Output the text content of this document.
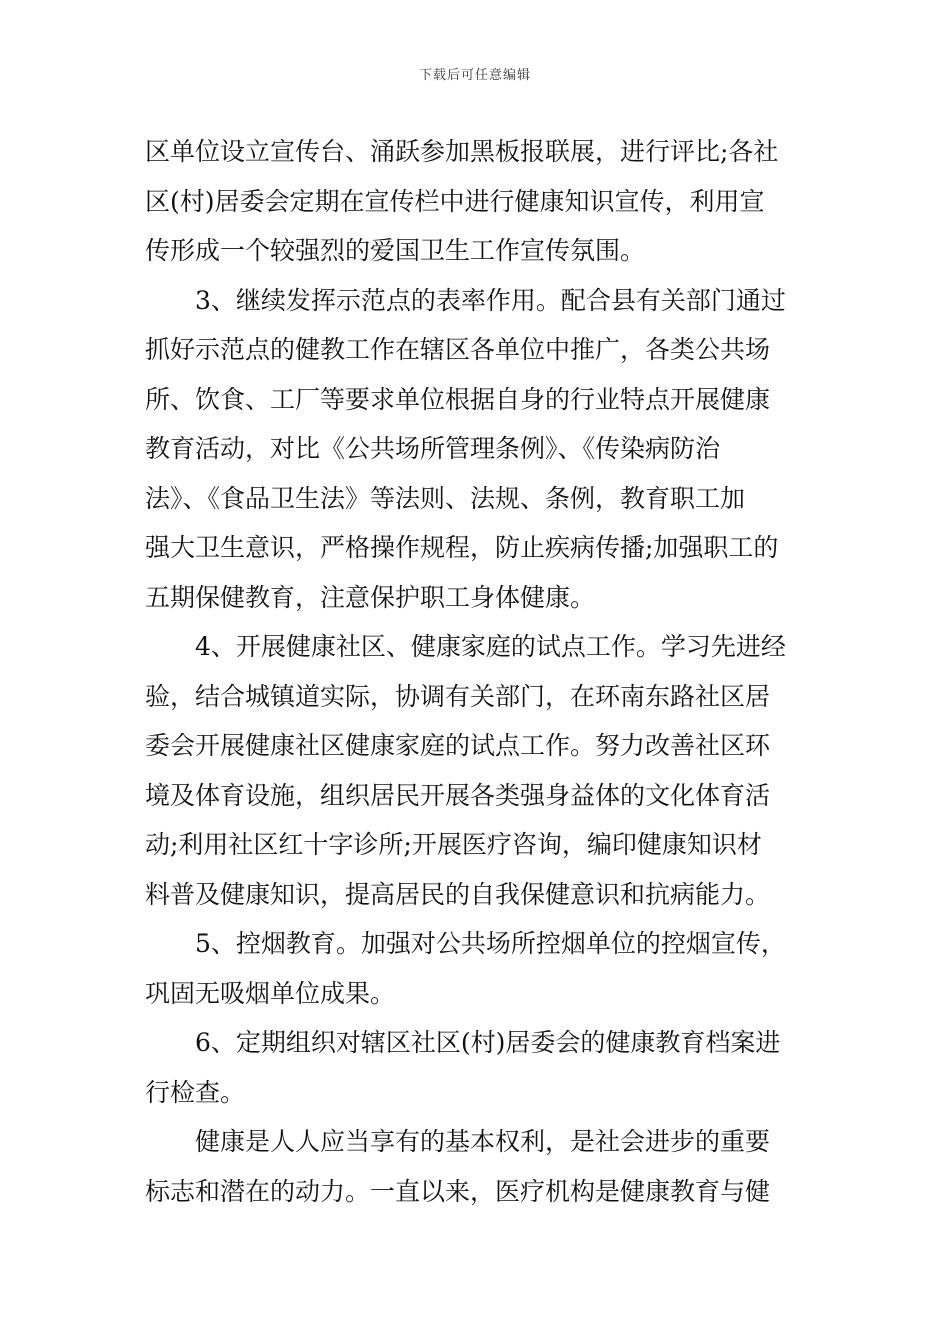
下载后可任意编辑
区单位设立宣传台、涌跃参加黑板报联展，进行评比;各社
区(村)居委会定期在宣传栏中进行健康知识宣传，利用宣
传形成一个较强烈的爱国卫生工作宣传氛围。
3、继续发挥示范点的表率作用。配合县有关部门通过
抓好示范点的健教工作在辖区各单位中推广，各类公共场
所、饮食、工厂等要求单位根据自身的行业特点开展健康
教育活动，对比《公共场所管理条例》、《传染病防治
法》、《食品卫生法》等法则、法规、条例，教育职工加
强大卫生意识，严格操作规程，防止疾病传播;加强职工的
五期保健教育，注意保护职工身体健康。
4、开展健康社区、健康家庭的试点工作。学习先进经
验，结合城镇道实际，协调有关部门，在环南东路社区居
委会开展健康社区健康家庭的试点工作。努力改善社区环
境及体育设施，组织居民开展各类强身益体的文化体育活
动;利用社区红十字诊所;开展医疗咨询，编印健康知识材
料普及健康知识，提高居民的自我保健意识和抗病能力。
5、控烟教育。加强对公共场所控烟单位的控烟宣传，
巩固无吸烟单位成果。
6、定期组织对辖区社区(村)居委会的健康教育档案进
行检查。
健康是人人应当享有的基本权利，是社会进步的重要
标志和潜在的动力。一直以来，医疗机构是健康教育与健
